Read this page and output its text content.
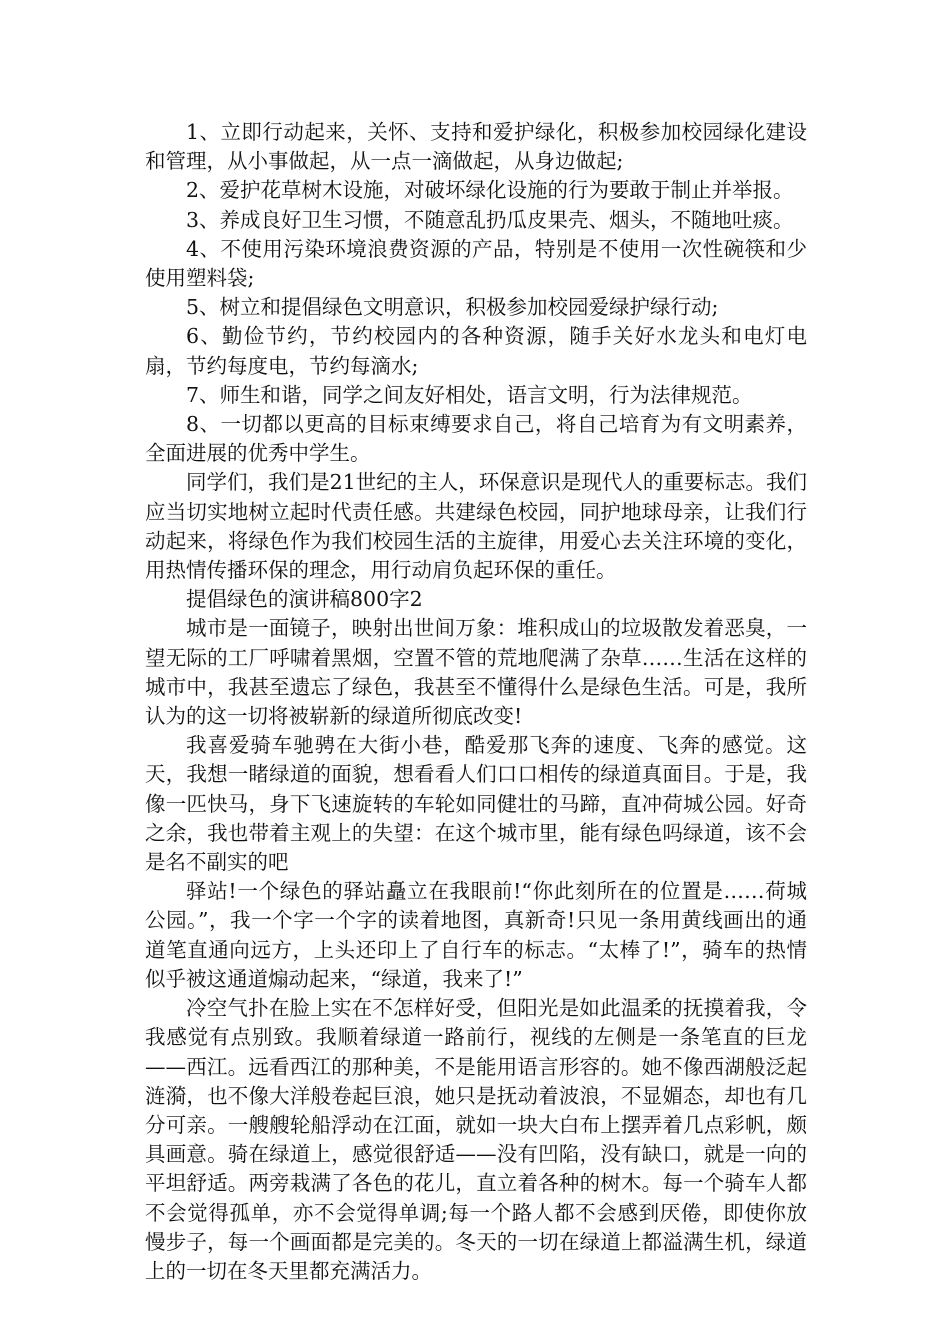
1、立即行动起来，关怀、支持和爱护绿化，积极参加校园绿化建设和管理，从小事做起，从一点一滴做起，从身边做起;

2、爱护花草树木设施，对破坏绿化设施的行为要敢于制止并举报。

3、养成良好卫生习惯，不随意乱扔瓜皮果壳、烟头，不随地吐痰。

4、不使用污染环境浪费资源的产品，特别是不使用一次性碗筷和少使用塑料袋;

5、树立和提倡绿色文明意识，积极参加校园爱绿护绿行动;

6、勤俭节约，节约校园内的各种资源，随手关好水龙头和电灯电扇，节约每度电，节约每滴水;

7、师生和谐，同学之间友好相处，语言文明，行为法律规范。

8、一切都以更高的目标束缚要求自己，将自己培育为有文明素养，全面进展的优秀中学生。

同学们，我们是21世纪的主人，环保意识是现代人的重要标志。我们应当切实地树立起时代责任感。共建绿色校园，同护地球母亲，让我们行动起来，将绿色作为我们校园生活的主旋律，用爱心去关注环境的变化，用热情传播环保的理念，用行动肩负起环保的重任。

提倡绿色的演讲稿800字2

城市是一面镜子，映射出世间万象：堆积成山的垃圾散发着恶臭，一望无际的工厂呼啸着黑烟，空置不管的荒地爬满了杂草……生活在这样的城市中，我甚至遗忘了绿色，我甚至不懂得什么是绿色生活。可是，我所认为的这一切将被崭新的绿道所彻底改变!

我喜爱骑车驰骋在大街小巷，酷爱那飞奔的速度、飞奔的感觉。这天，我想一睹绿道的面貌，想看看人们口口相传的绿道真面目。于是，我像一匹快马，身下飞速旋转的车轮如同健壮的马蹄，直冲荷城公园。好奇之余，我也带着主观上的失望：在这个城市里，能有绿色吗绿道，该不会是名不副实的吧

驿站!一个绿色的驿站矗立在我眼前!“你此刻所在的位置是……荷城公园。”，我一个字一个字的读着地图，真新奇!只见一条用黄线画出的通道笔直通向远方，上头还印上了自行车的标志。“太棒了!”，骑车的热情似乎被这通道煽动起来，“绿道，我来了!”

冷空气扑在脸上实在不怎样好受，但阳光是如此温柔的抚摸着我，令我感觉有点别致。我顺着绿道一路前行，视线的左侧是一条笔直的巨龙——西江。远看西江的那种美，不是能用语言形容的。她不像西湖般泛起涟漪，也不像大洋般卷起巨浪，她只是抚动着波浪，不显媚态，却也有几分可亲。一艘艘轮船浮动在江面，就如一块大白布上摆弄着几点彩帆，颇具画意。骑在绿道上，感觉很舒适——没有凹陷，没有缺口，就是一向的平坦舒适。两旁栽满了各色的花儿，直立着各种的树木。每一个骑车人都不会觉得孤单，亦不会觉得单调;每一个路人都不会感到厌倦，即使你放慢步子，每一个画面都是完美的。冬天的一切在绿道上都溢满生机，绿道上的一切在冬天里都充满活力。
